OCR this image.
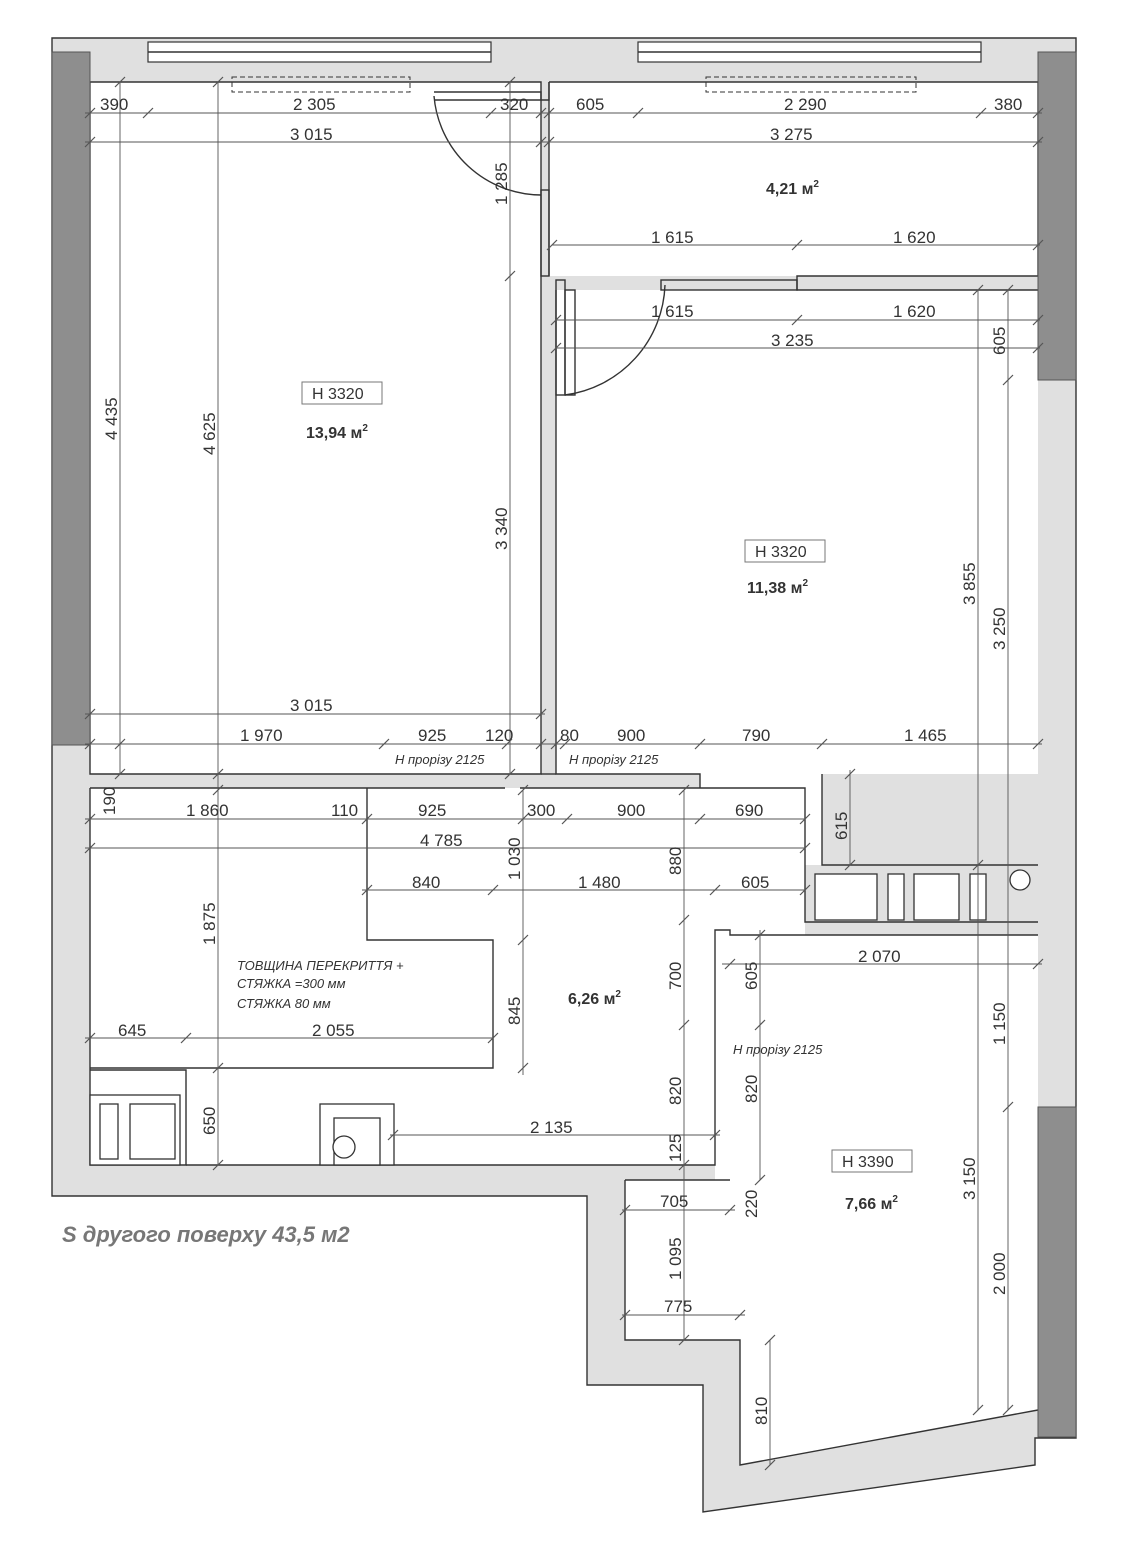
390	2 305	320	605	2 290	380
3 015	3 275
1 615	1 620
1 615	1 620
3 235
3 015
1 970	925 120	80 900	790	1 465
1 860	110	925	300	900	690
4 785
840	1 480	605
645	2 055
2 135
2 070
705
775
4 435	4 625
1 285
3 340
605
3 855
3 250
190
615
1 030	880
1 875
845
700
820
650
125
605
820
220
1 150
3 150
2 000
1 095
810
Н 3320
13,94 $м^2$
Н 3320
11,38 $м^2$
4,21 $м^2$
6,26 $м^2$
Н 3390
7,66 $м^2$
ТОВЩИНА ПЕРЕКРИТТЯ +
СТЯЖКА =300 мм
СТЯЖКА 80 мм
Н прорізу 2125	Н прорізу 2125
Н прорізу 2125
S другого поверху 43,5 м2
